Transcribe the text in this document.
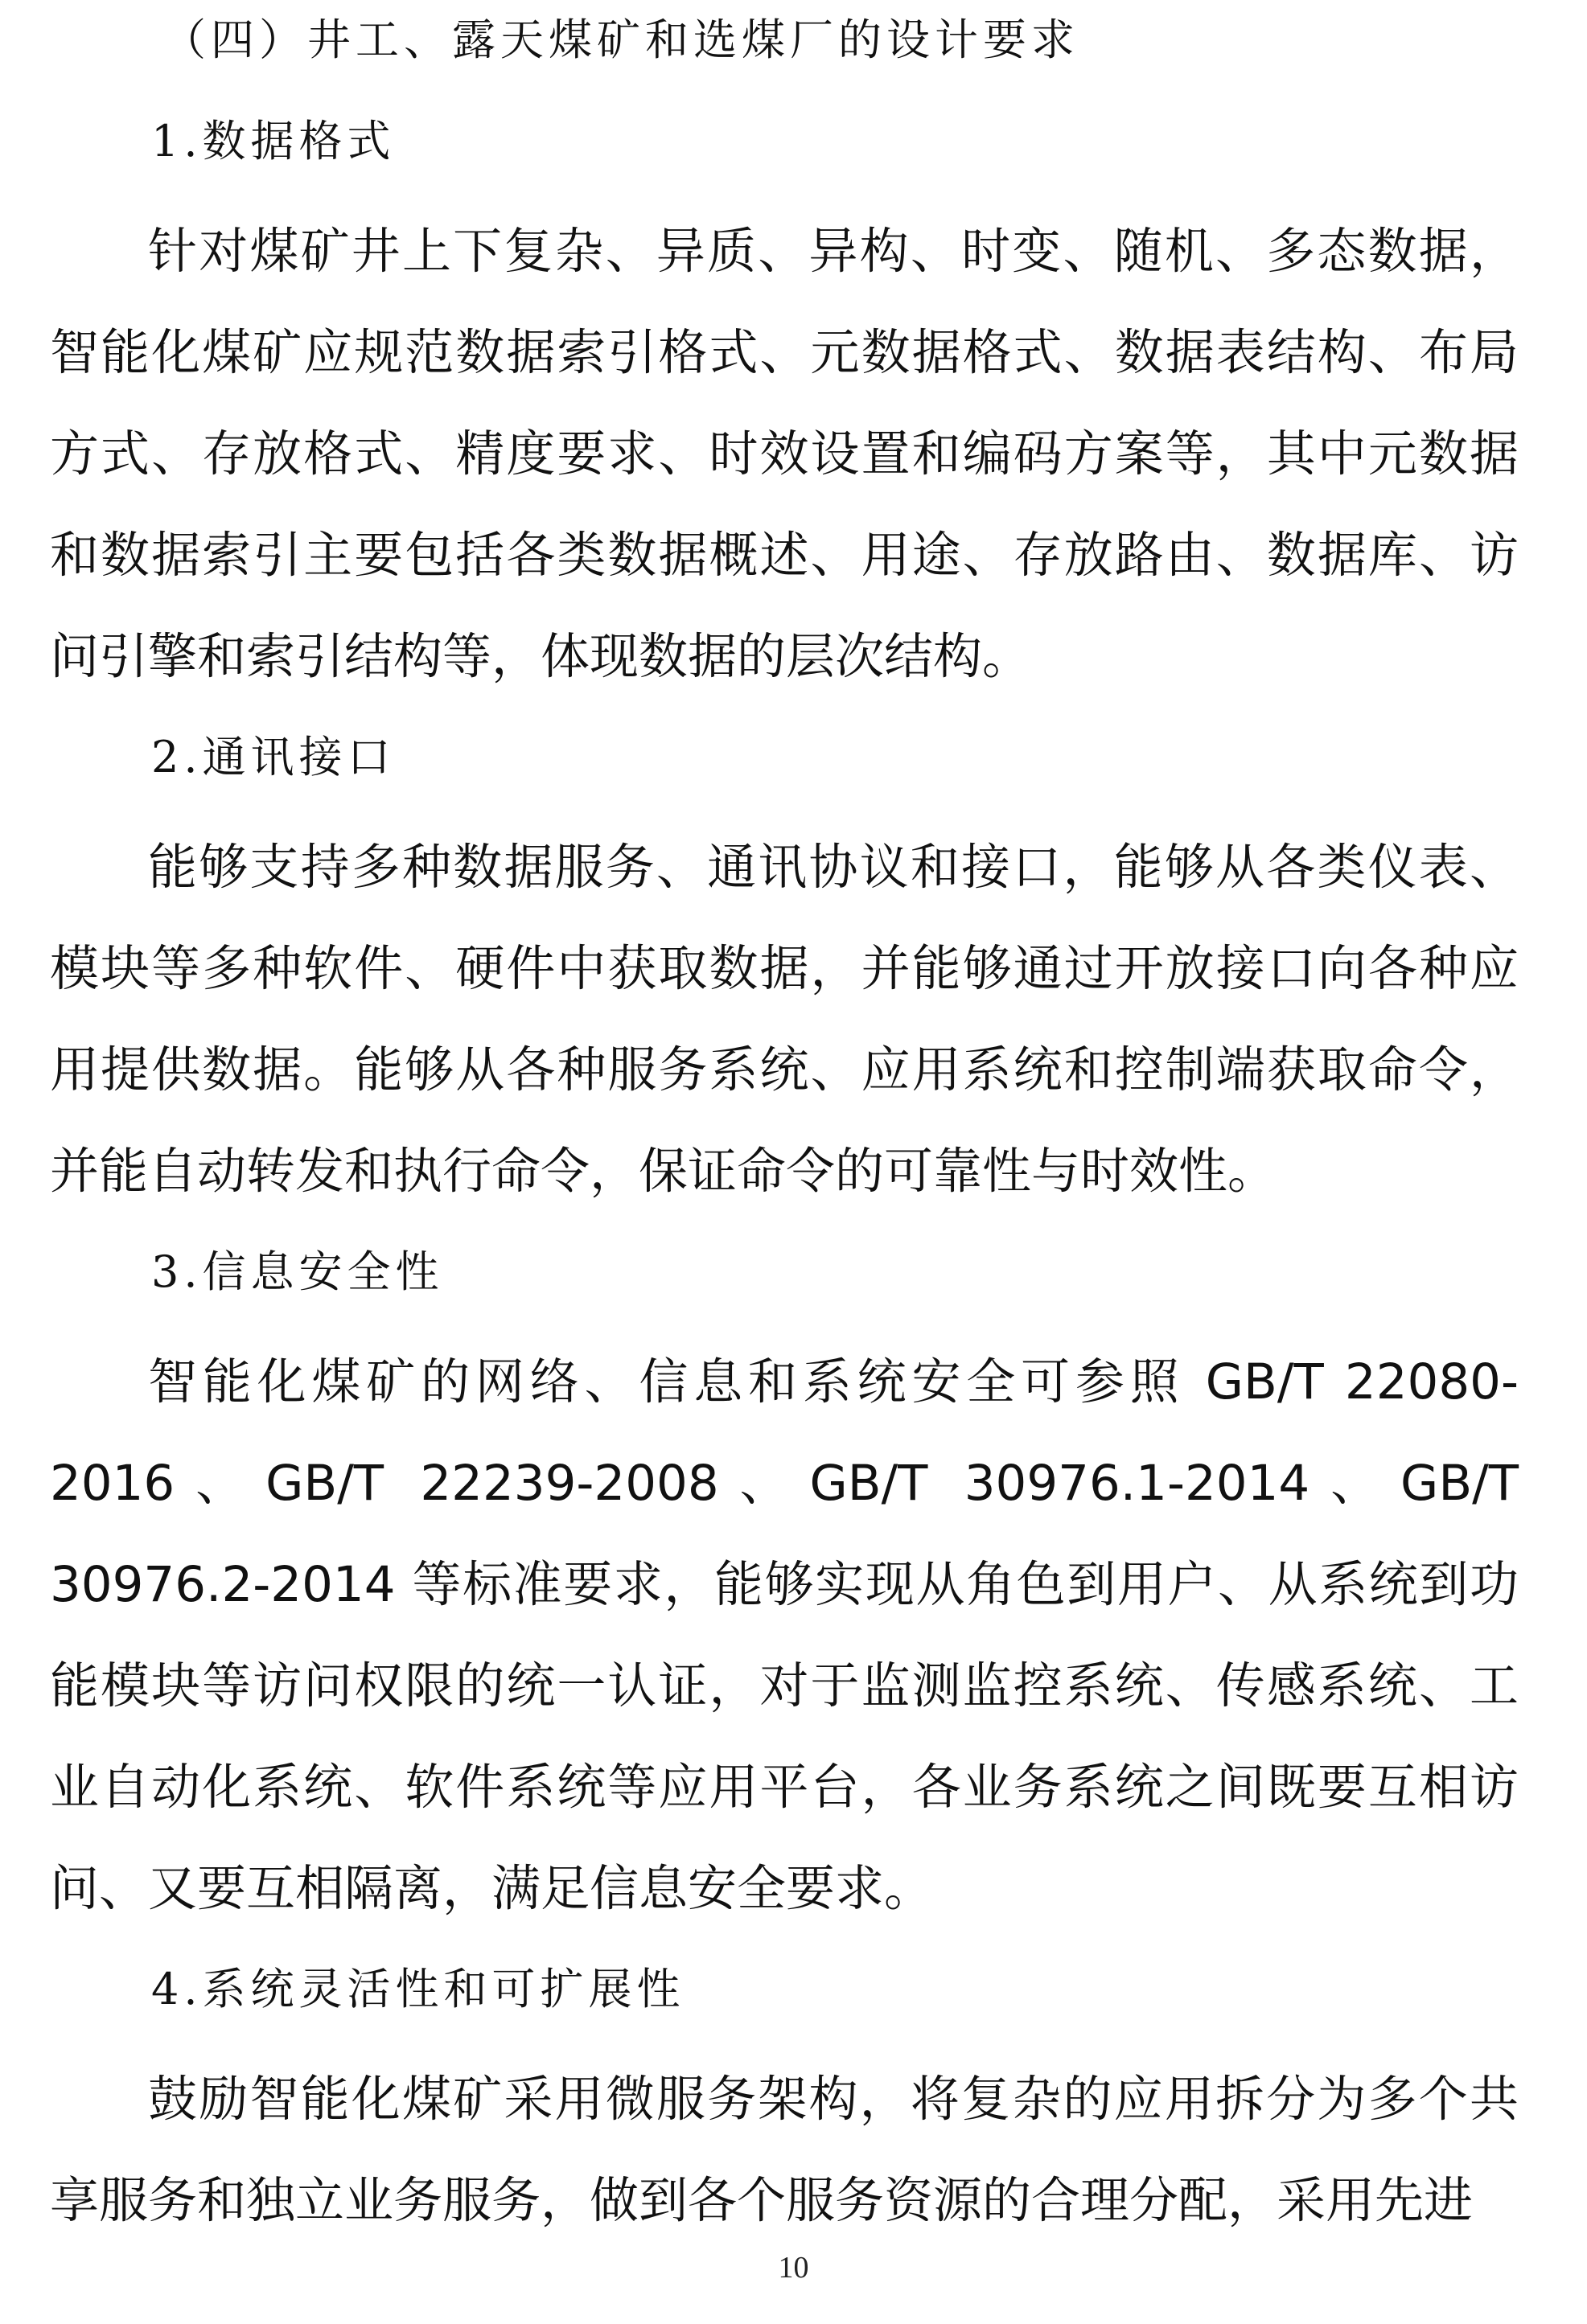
（四）井工、露天煤矿和选煤厂的设计要求
1.数据格式

针对煤矿井上下复杂、异质、异构、时变、随机、多态数据，智能化煤矿应规范数据索引格式、元数据格式、数据表结构、布局方式、存放格式、精度要求、时效设置和编码方案等，其中元数据和数据索引主要包括各类数据概述、用途、存放路由、数据库、访问引擎和索引结构等，体现数据的层次结构。

2.通讯接口

能够支持多种数据服务、通讯协议和接口，能够从各类仪表、模块等多种软件、硬件中获取数据，并能够通过开放接口向各种应用提供数据。能够从各种服务系统、应用系统和控制端获取命令，并能自动转发和执行命令，保证命令的可靠性与时效性。

3.信息安全性

智能化煤矿的网络、信息和系统安全可参照 GB/T 22080-2016、GB/T 22239-2008、GB/T 30976.1-2014、GB/T 30976.2-2014 等标准要求，能够实现从角色到用户、从系统到功能模块等访问权限的统一认证，对于监测监控系统、传感系统、工业自动化系统、软件系统等应用平台，各业务系统之间既要互相访问、又要互相隔离，满足信息安全要求。

4.系统灵活性和可扩展性

鼓励智能化煤矿采用微服务架构，将复杂的应用拆分为多个共享服务和独立业务服务，做到各个服务资源的合理分配，采用先进

10
